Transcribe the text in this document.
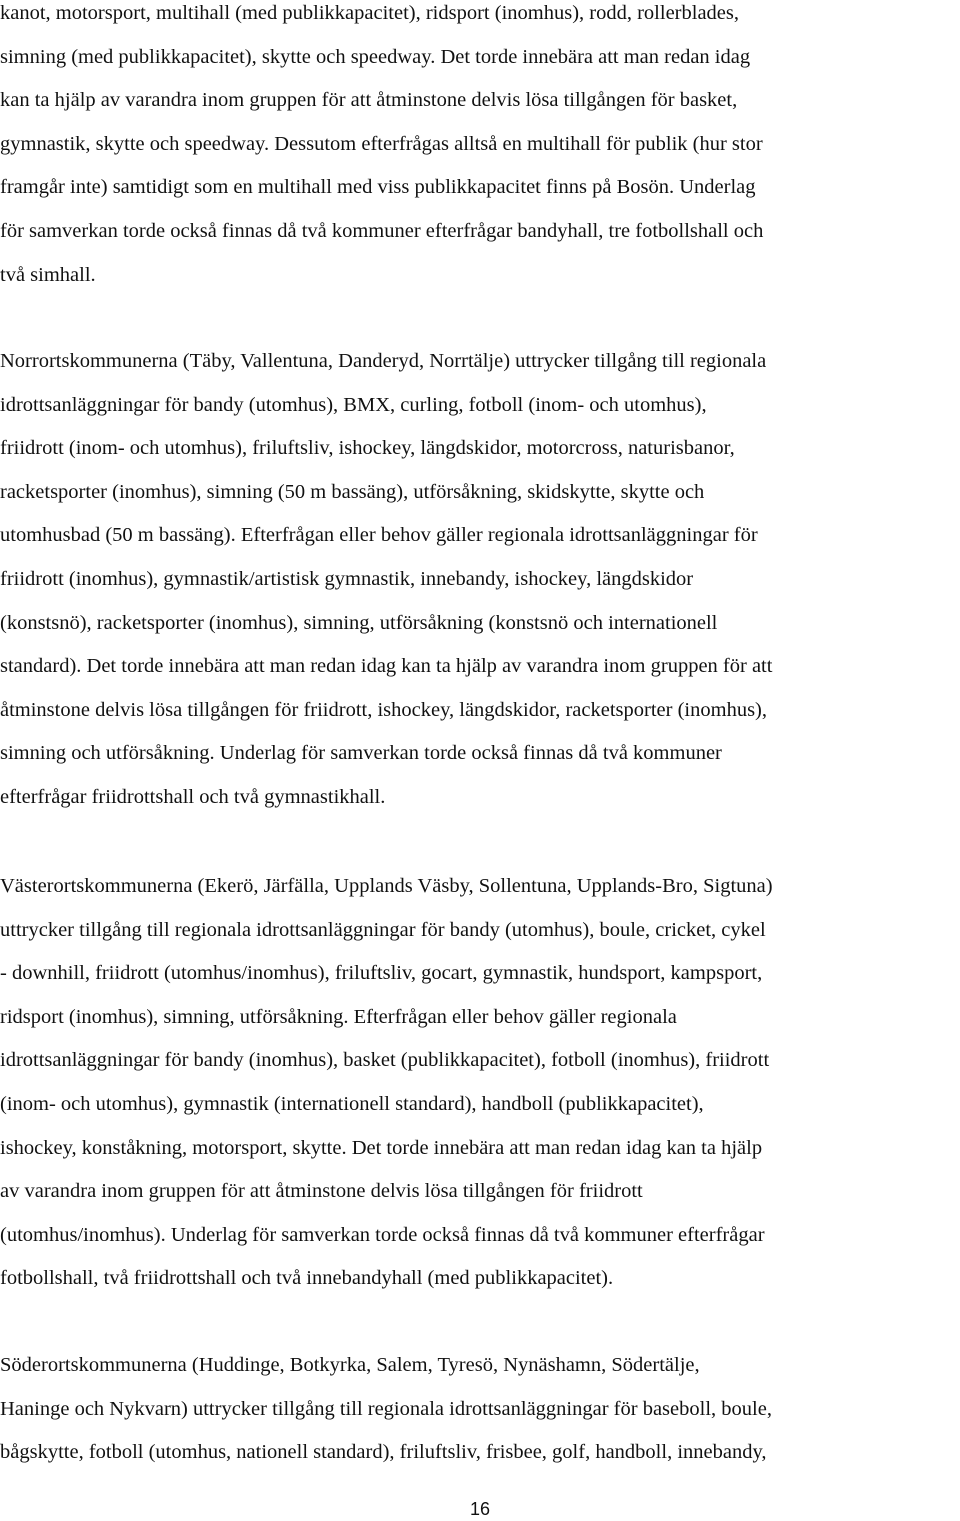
kanot, motorsport, multihall (med publikkapacitet), ridsport (inomhus), rodd, rollerblades,
simning (med publikkapacitet), skytte och speedway. Det torde innebära att man redan idag
kan ta hjälp av varandra inom gruppen för att åtminstone delvis lösa tillgången för basket,
gymnastik, skytte och speedway. Dessutom efterfrågas alltså en multihall för publik (hur stor
framgår inte) samtidigt som en multihall med viss publikkapacitet finns på Bosön. Underlag
för samverkan torde också finnas då två kommuner efterfrågar bandyhall, tre fotbollshall och
två simhall.
Norrortskommunerna (Täby, Vallentuna, Danderyd, Norrtälje) uttrycker tillgång till regionala
idrottsanläggningar för bandy (utomhus), BMX, curling, fotboll (inom- och utomhus),
friidrott (inom- och utomhus), friluftsliv, ishockey, längdskidor, motorcross, naturisbanor,
racketsporter (inomhus), simning (50 m bassäng), utförsåkning, skidskytte, skytte och
utomhusbad (50 m bassäng). Efterfrågan eller behov gäller regionala idrottsanläggningar för
friidrott (inomhus), gymnastik/artistisk gymnastik, innebandy, ishockey, längdskidor
(konstsnö), racketsporter (inomhus), simning, utförsåkning (konstsnö och internationell
standard). Det torde innebära att man redan idag kan ta hjälp av varandra inom gruppen för att
åtminstone delvis lösa tillgången för friidrott, ishockey, längdskidor, racketsporter (inomhus),
simning och utförsåkning. Underlag för samverkan torde också finnas då två kommuner
efterfrågar friidrottshall och två gymnastikhall.
Västerortskommunerna (Ekerö, Järfälla, Upplands Väsby, Sollentuna, Upplands-Bro, Sigtuna)
uttrycker tillgång till regionala idrottsanläggningar för bandy (utomhus), boule, cricket, cykel
- downhill, friidrott (utomhus/inomhus), friluftsliv, gocart, gymnastik, hundsport, kampsport,
ridsport (inomhus), simning, utförsåkning. Efterfrågan eller behov gäller regionala
idrottsanläggningar för bandy (inomhus), basket (publikkapacitet), fotboll (inomhus), friidrott
(inom- och utomhus), gymnastik (internationell standard), handboll (publikkapacitet),
ishockey, konståkning, motorsport, skytte. Det torde innebära att man redan idag kan ta hjälp
av varandra inom gruppen för att åtminstone delvis lösa tillgången för friidrott
(utomhus/inomhus). Underlag för samverkan torde också finnas då två kommuner efterfrågar
fotbollshall, två friidrottshall och två innebandyhall (med publikkapacitet).
Söderortskommunerna (Huddinge, Botkyrka, Salem, Tyresö, Nynäshamn, Södertälje,
Haninge och Nykvarn) uttrycker tillgång till regionala idrottsanläggningar för baseboll, boule,
bågskytte, fotboll (utomhus, nationell standard), friluftsliv, frisbee, golf, handboll, innebandy,
16
